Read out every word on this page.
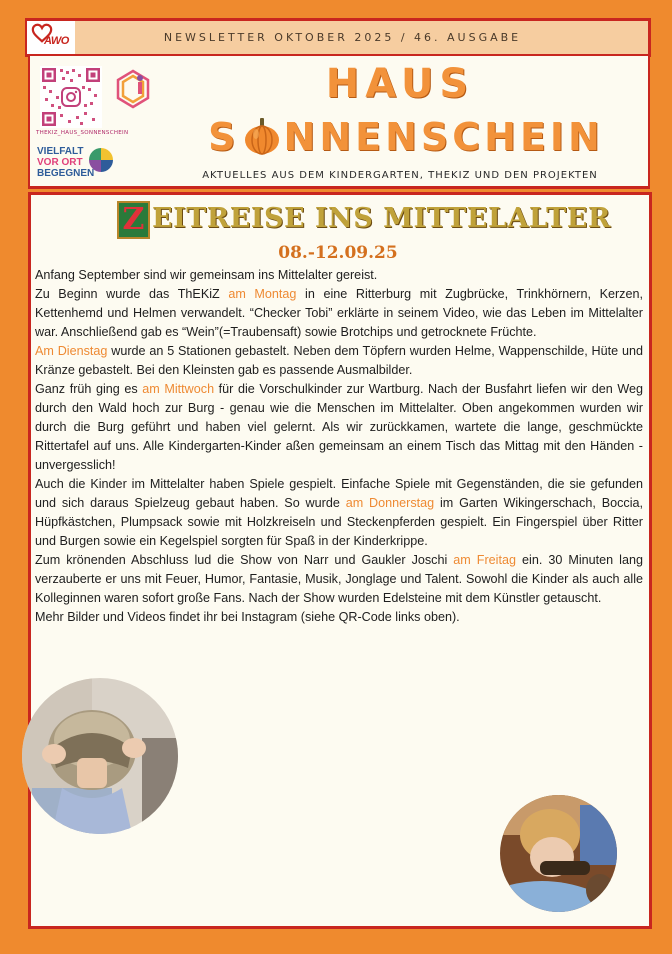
AWO	NEWSLETTER OKTOBER 2025 / 46. AUSGABE
THEKIZ_HAUS_SONNENSCHEIN
VIELFALT
VOR ORT
BEGEGNEN
HAUS
S NNENSCHEIN
AKTUELLES AUS DEM KINDERGARTEN, THEKIZ UND DEN PROJEKTEN
Z EITREISE INS MITTELALTER
08.-12.09.25

Anfang September sind wir gemeinsam ins Mittelalter gereist.

Zu Beginn wurde das ThEKiZ am Montag in eine Ritterburg mit Zugbrücke, Trinkhörnern, Kerzen, Kettenhemd und Helmen verwandelt. “Checker Tobi” erklärte in seinem Video, wie das Leben im Mittelalter war. Anschließend gab es “Wein”(=Traubensaft) sowie Brotchips und getrocknete Früchte.

Am Dienstag wurde an 5 Stationen gebastelt. Neben dem Töpfern wurden Helme, Wappenschilde, Hüte und Kränze gebastelt. Bei den Kleinsten gab es passende Ausmalbilder.

Ganz früh ging es am Mittwoch für die Vorschulkinder zur Wartburg. Nach der Busfahrt liefen wir den Weg durch den Wald hoch zur Burg - genau wie die Menschen im Mittelalter. Oben angekommen wurden wir durch die Burg geführt und haben viel gelernt. Als wir zurückkamen, wartete die lange, geschmückte Rittertafel auf uns. Alle Kindergarten-Kinder aßen gemeinsam an einem Tisch das Mittag mit den Händen - unvergesslich!

Auch die Kinder im Mittelalter haben Spiele gespielt. Einfache Spiele mit Gegenständen, die sie gefunden und sich daraus Spielzeug gebaut haben. So wurde am Donnerstag im Garten Wikingerschach, Boccia, Hüpfkästchen, Plumpsack sowie mit Holzkreiseln und Steckenpferden gespielt. Ein Fingerspiel über Ritter und Burgen sowie ein Kegelspiel sorgten für Spaß in der Kinderkrippe.

Zum krönenden Abschluss lud die Show von Narr und Gaukler Joschi am Freitag ein. 30 Minuten lang verzauberte er uns mit Feuer, Humor, Fantasie, Musik, Jonglage und Talent. Sowohl die Kinder als auch alle Kolleginnen waren sofort große Fans. Nach der Show wurden Edelsteine mit dem Künstler getauscht.

Mehr Bilder und Videos findet ihr bei Instagram (siehe QR-Code links oben).
